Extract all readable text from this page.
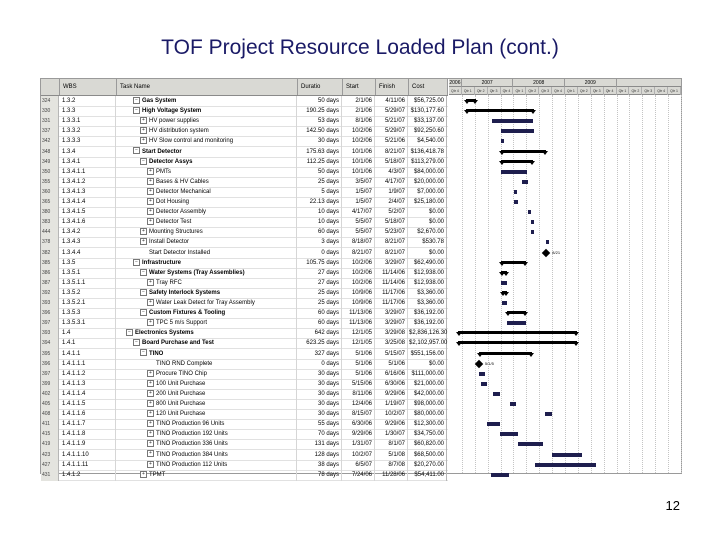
TOF Project Resource Loaded Plan (cont.)
WBS	Task Name	Duratio	Start	Finish	Cost
324	1.3.2	− Gas System	50 days	2/1/06	4/11/06	$56,725.00
330	1.3.3	− High Voltage System	190.25 days	2/1/06	5/29/07 $130,177.60
331	1.3.3.1	+ HV power supplies	53 days	8/1/06	5/21/07	$33,137.00
337	1.3.3.2	+ HV distribution system	142.50 days	10/2/06	5/29/07	$92,250.60
342	1.3.3.3	+ HV Slow control and monitoring	30 days	10/2/06	5/21/06	$4,540.00
348	1.3.4	− Start Detector	175.63 days	10/1/06	8/21/07 $136,418.78
349	1.3.4.1	− Detector Assys	112.25 days	10/1/06	5/18/07	$113,279.00
350	1.3.4.1.1	+ PMTs	50 days	10/1/06	4/3/07	$84,000.00
355	1.3.4.1.2	+ Bases & HV Cables	25 days	3/5/07	4/17/07	$20,000.00
360	1.3.4.1.3	+ Detector Mechanical	5 days	1/5/07	1/9/07	$7,000.00
365	1.3.4.1.4	+ Dot Housing	22.13 days	1/5/07	2/4/07	$25,180.00
380	1.3.4.1.5	+ Detector Assembly	10 days	4/17/07	5/2/07	$0.00
383	1.3.4.1.6	+ Detector Test	10 days	5/5/07	5/18/07	$0.00
444	1.3.4.2	+ Mounting Structures	60 days	5/5/07	5/23/07	$2,670.00
378	1.3.4.3	+ Install Detector	3 days	8/18/07	8/21/07	$530.78
382	1.3.4.4	Start Detector Installed	0 days	8/21/07	8/21/07	$0.00
385	1.3.5	− Infrastructure	105.75 days	10/2/06	3/29/07	$62,490.00
386	1.3.5.1	− Water Systems (Tray Assemblies)	27 days	10/2/06	11/14/06	$12,938.00
387	1.3.5.1.1	+ Tray RFC	27 days	10/2/06	11/14/06	$12,938.00
392	1.3.5.2	− Safety Interlock Systems	25 days	10/9/06	11/17/06	$3,360.00
393	1.3.5.2.1	+ Water Leak Detect for Tray Assembly	25 days	10/9/06	11/17/06	$3,360.00
396	1.3.5.3	− Custom Fixtures & Tooling	60 days	11/13/06	3/29/07	$36,192.00
397	1.3.5.3.1	+ TPC 5 m/s Support	60 days	11/13/06	3/29/07	$36,192.00
393	1.4	− Electronics Systems	642 days	12/1/05	3/29/08 $2,836,126.30
394	1.4.1	− Board Purchase and Test	623.25 days	12/1/05	3/25/08 $2,102,957.00
395	1.4.1.1	− TINO	327 days	5/1/06	5/15/07 $551,156.00
396	1.4.1.1.1	TINO RND Complete	0 days	5/1/06	5/1/06	$0.00
397	1.4.1.1.2	+ Procure TINO Chip	30 days	5/1/06	6/16/06	$111,000.00
399	1.4.1.1.3	+ 100 Unit Purchase	30 days	5/15/06	6/30/06	$21,000.00
402	1.4.1.1.4	+ 200 Unit Purchase	30 days	8/11/06	9/29/06	$42,000.00
405	1.4.1.1.5	+ 800 Unit Purchase	30 days	12/4/06	1/19/07	$98,000.00
408	1.4.1.1.6	+ 120 Unit Purchase	30 days	8/15/07	10/2/07	$80,000.00
411	1.4.1.1.7	+ TINO Production 96 Units	55 days	6/30/06	9/29/06	$12,300.00
415	1.4.1.1.8	+ TINO Production 192 Units	70 days	9/29/06	1/30/07	$34,750.00
419	1.4.1.1.9	+ TINO Production 336 Units	131 days	1/31/07	8/1/07	$60,820.00
423	1.4.1.1.10	+ TINO Production 384 Units	128 days	10/2/07	5/1/08	$68,500.00
427	1.4.1.1.11	+ TINO Production 112 Units	38 days	6/5/07	8/7/08	$20,270.00
431	1.4.1.2	+ TPMT	78 days	7/24/06	11/28/06	$54,411.00
2006	2007	2008	2009
Qtr 4	Qtr 1	Qtr 2	Qtr 3	Qtr 4	Qtr 1	Qtr 2	Qtr 3	Qtr 4	Qtr 1	Qtr 2	Qtr 3	Qtr 4	Qtr 1	Qtr 2	Qtr 3	Qtr 4	Qtr 1
8/21
5/1/5
12
